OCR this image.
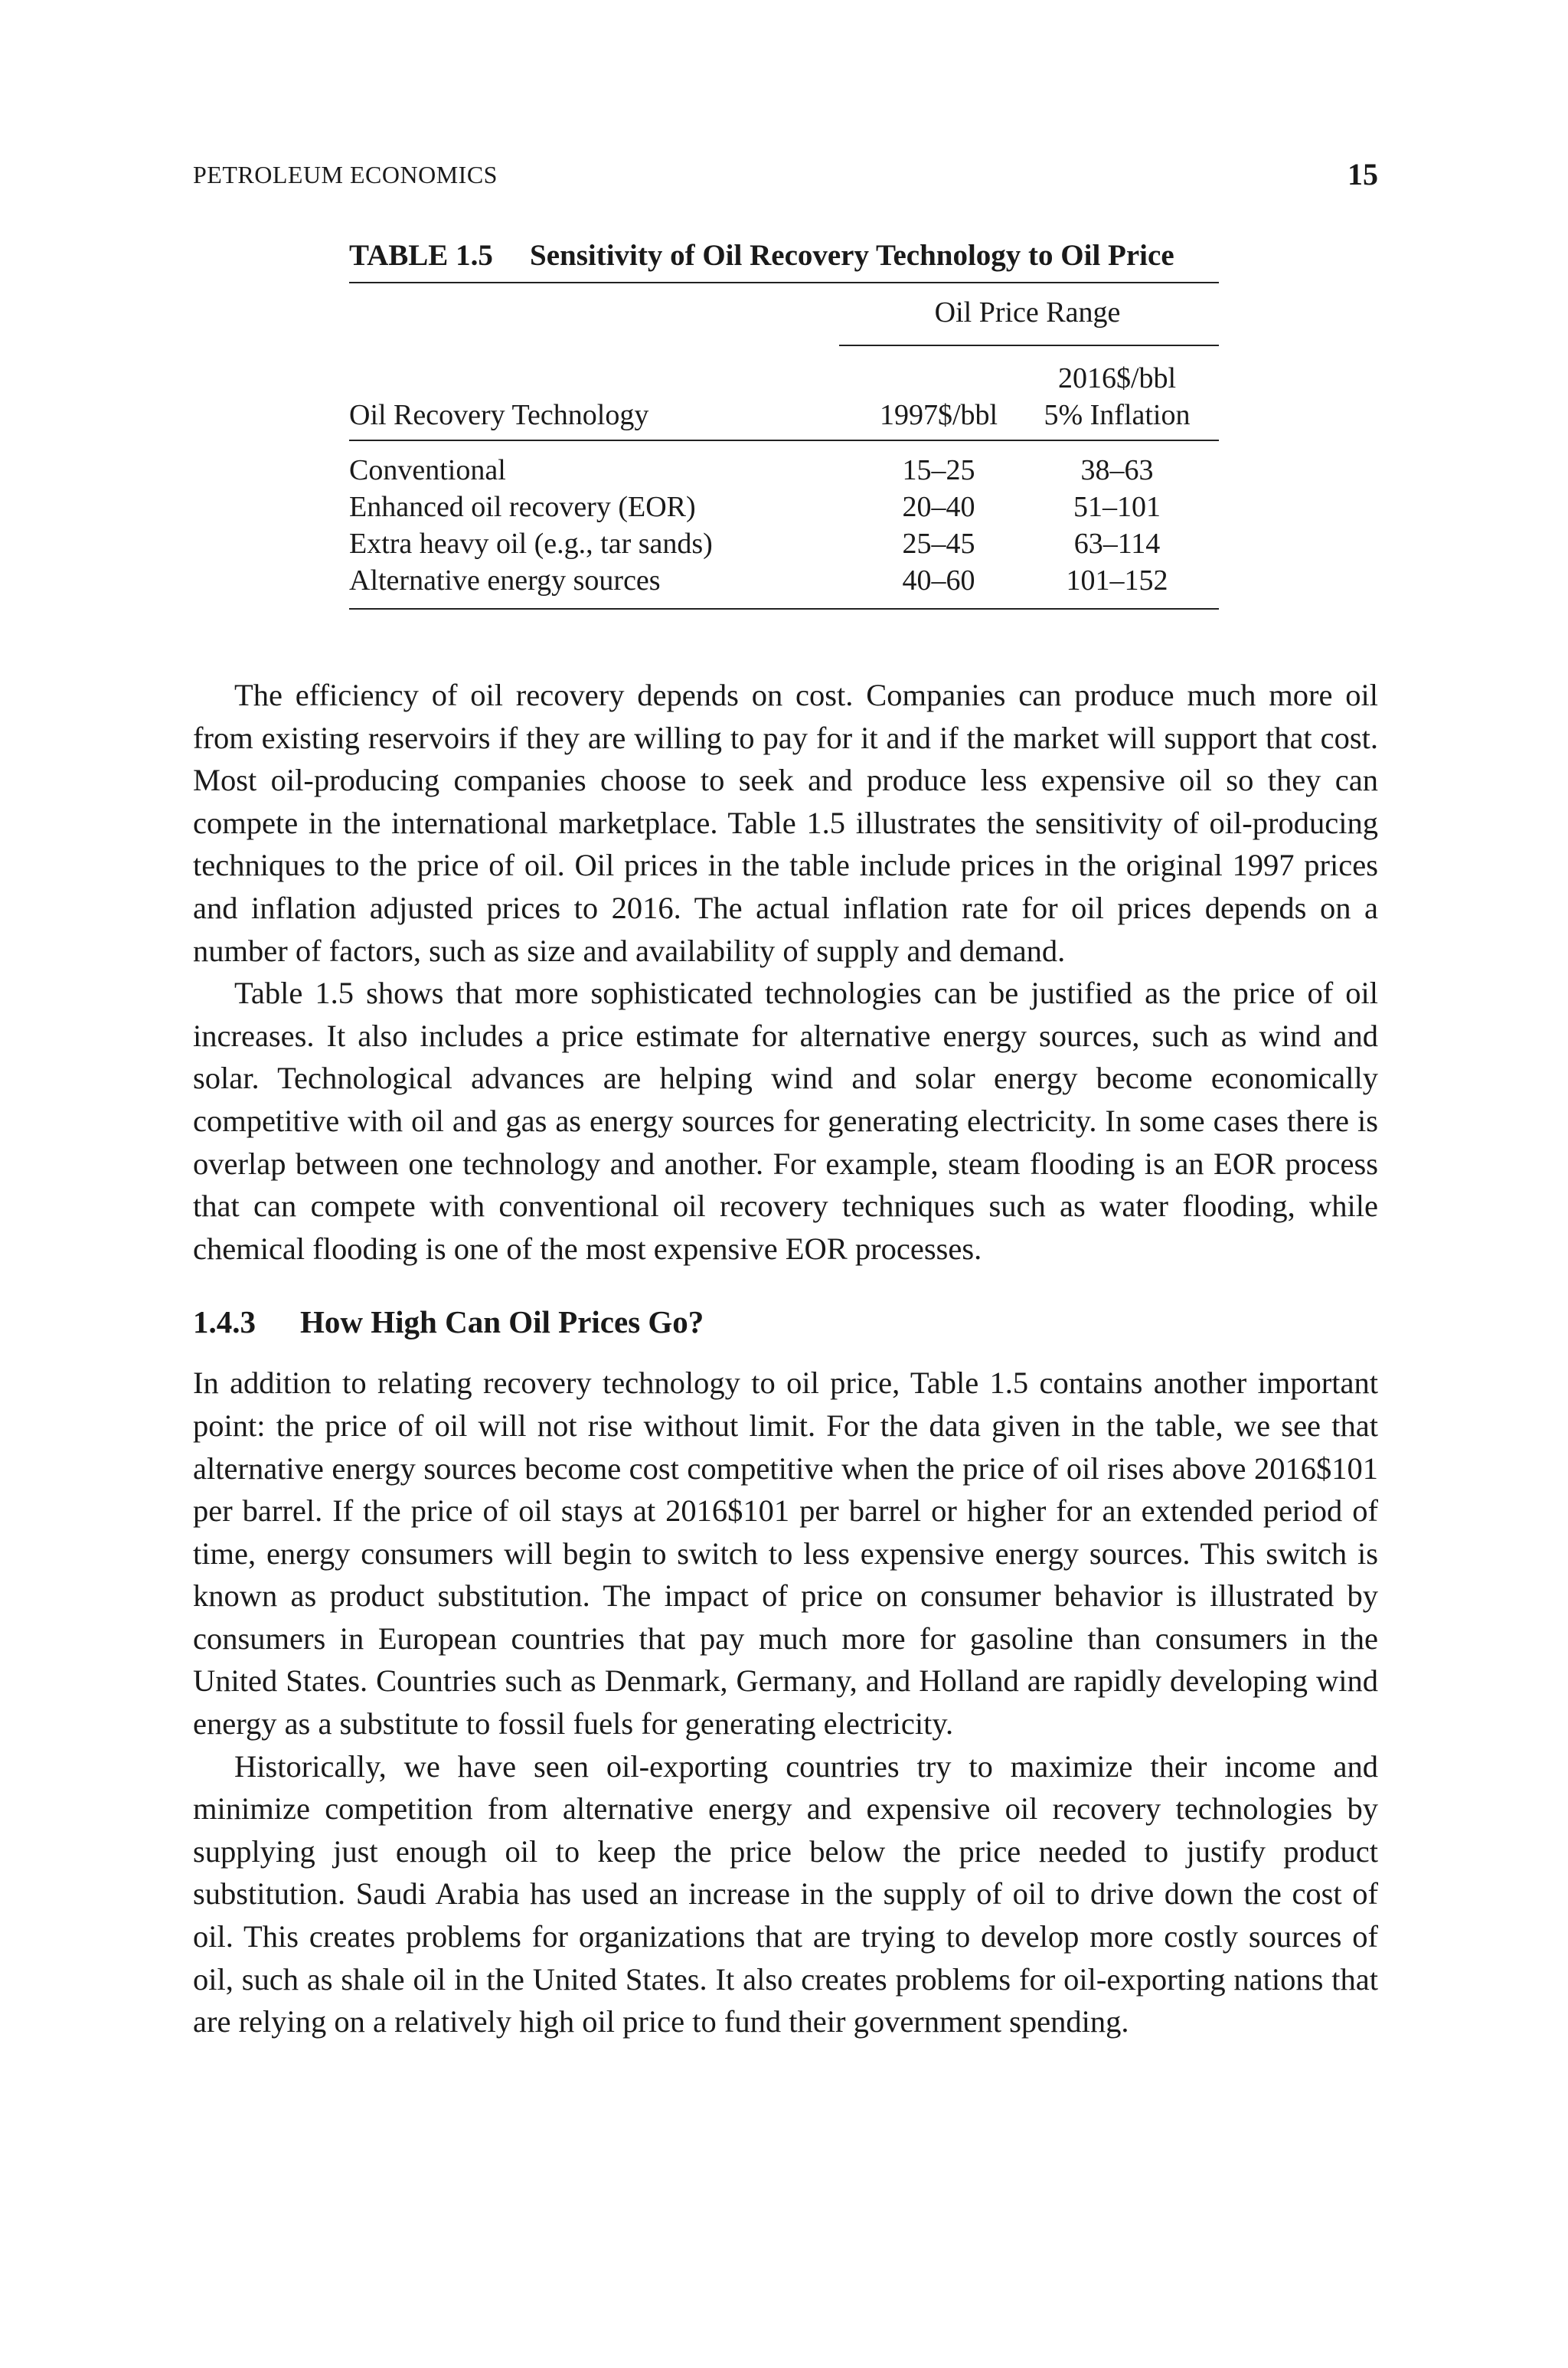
PETROLEUM ECONOMICS	15
TABLE 1.5 Sensitivity of Oil Recovery Technology to Oil Price
Oil Price Range
2016$/bbl
Oil Recovery Technology	1997$/bbl	5% Inflation
Conventional	15–25	38–63
Enhanced oil recovery (EOR)	20–40	51–101
Extra heavy oil (e.g., tar sands)	25–45	63–114
Alternative energy sources	40–60	101–152

The efficiency of oil recovery depends on cost. Companies can produce much more oil from existing reservoirs if they are willing to pay for it and if the market will support that cost. Most oil-producing companies choose to seek and produce less expensive oil so they can compete in the international marketplace. Table 1.5 illustrates the sensitivity of oil-producing techniques to the price of oil. Oil prices in the table include prices in the original 1997 prices and inflation adjusted prices to 2016. The actual inflation rate for oil prices depends on a number of factors, such as size and availability of supply and demand.

Table 1.5 shows that more sophisticated technologies can be justified as the price of oil increases. It also includes a price estimate for alternative energy sources, such as wind and solar. Technological advances are helping wind and solar energy become economically competitive with oil and gas as energy sources for generating electricity. In some cases there is overlap between one technology and another. For example, steam flooding is an EOR process that can compete with conventional oil recovery techniques such as water flooding, while chemical flooding is one of the most expensive EOR processes.

1.4.3 How High Can Oil Prices Go?

In addition to relating recovery technology to oil price, Table 1.5 contains another important point: the price of oil will not rise without limit. For the data given in the table, we see that alternative energy sources become cost competitive when the price of oil rises above 2016$101 per barrel. If the price of oil stays at 2016$101 per barrel or higher for an extended period of time, energy consumers will begin to switch to less expensive energy sources. This switch is known as product substitution. The impact of price on consumer behavior is illustrated by consumers in European countries that pay much more for gasoline than consumers in the United States. Countries such as Denmark, Germany, and Holland are rapidly developing wind energy as a substitute to fossil fuels for generating electricity.

Historically, we have seen oil-exporting countries try to maximize their income and minimize competition from alternative energy and expensive oil recovery technologies by supplying just enough oil to keep the price below the price needed to justify product substitution. Saudi Arabia has used an increase in the supply of oil to drive down the cost of oil. This creates problems for organizations that are trying to develop more costly sources of oil, such as shale oil in the United States. It also creates problems for oil-exporting nations that are relying on a relatively high oil price to fund their government spending.
